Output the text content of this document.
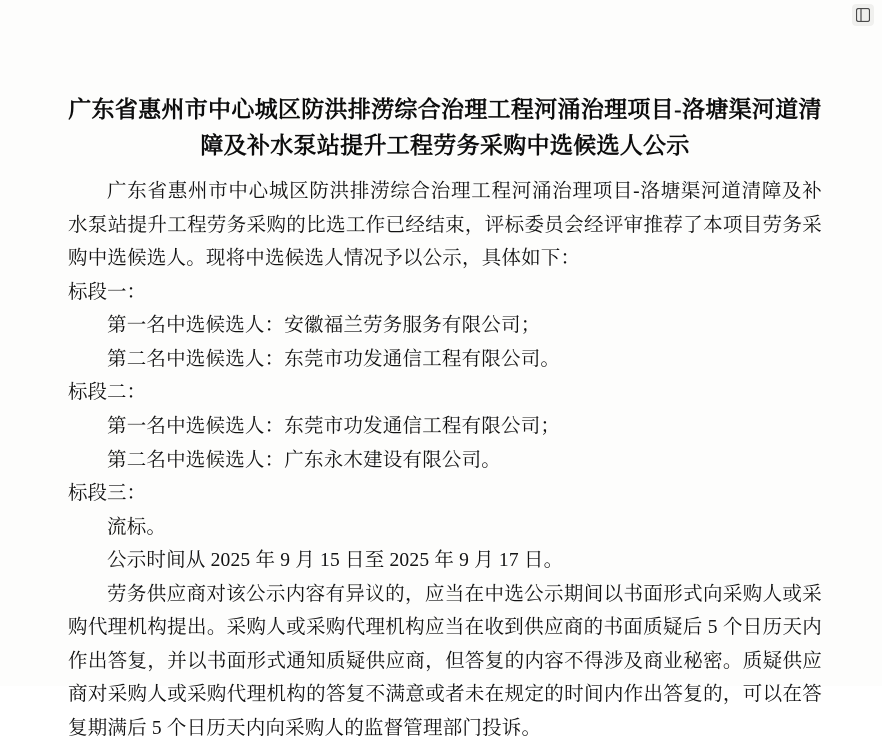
广东省惠州市中心城区防洪排涝综合治理工程河涌治理项目-洛塘渠河道清障及补水泵站提升工程劳务采购中选候选人公示

广东省惠州市中心城区防洪排涝综合治理工程河涌治理项目-洛塘渠河道清障及补水泵站提升工程劳务采购的比选工作已经结束，评标委员会经评审推荐了本项目劳务采购中选候选人。现将中选候选人情况予以公示，具体如下：

标段一：

第一名中选候选人：安徽福兰劳务服务有限公司；

第二名中选候选人：东莞市功发通信工程有限公司。

标段二：

第一名中选候选人：东莞市功发通信工程有限公司；

第二名中选候选人：广东永木建设有限公司。

标段三：

流标。

公示时间从 2025 年 9 月 15 日至 2025 年 9 月 17 日。

劳务供应商对该公示内容有异议的，应当在中选公示期间以书面形式向采购人或采购代理机构提出。采购人或采购代理机构应当在收到供应商的书面质疑后 5 个日历天内作出答复，并以书面形式通知质疑供应商，但答复的内容不得涉及商业秘密。质疑供应商对采购人或采购代理机构的答复不满意或者未在规定的时间内作出答复的，可以在答复期满后 5 个日历天内向采购人的监督管理部门投诉。
